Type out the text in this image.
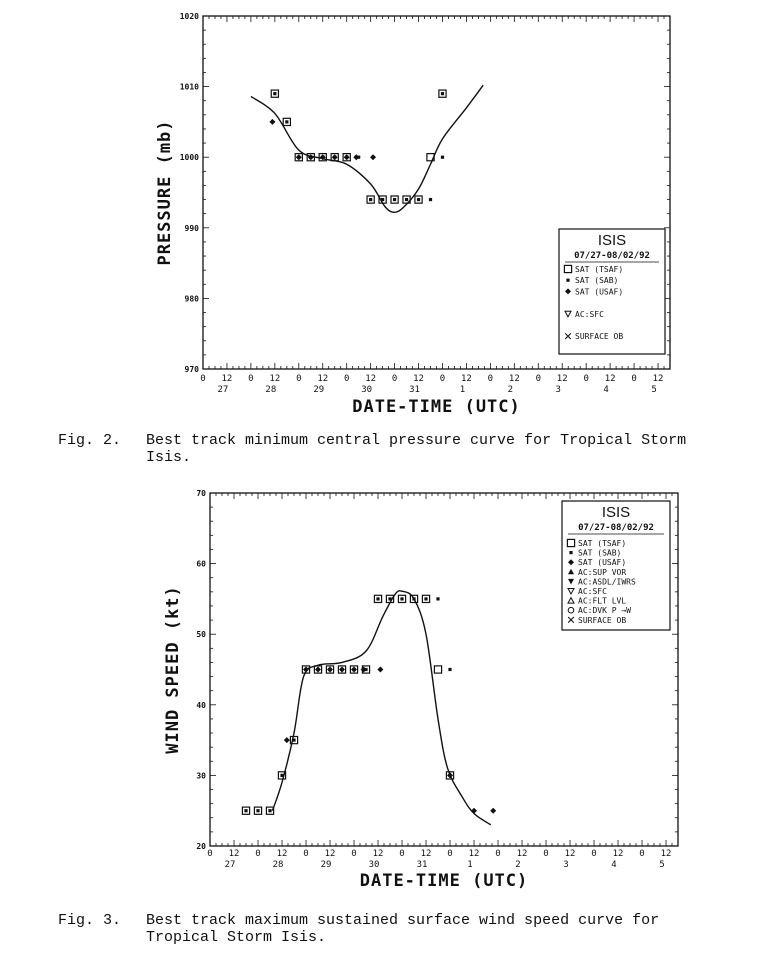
970
980
990
1000
1010
1020
0 12 0 12 0 12 0 12 0 12 0 12 0 12 0 12 0 12 0 12
27	28	29	30	31	1	2	3	4	5
DATE-TIME (UTC)
PRESSURE (mb)	ISIS
07/27-08/02/92
SAT (TSAF)
SAT (SAB)
SAT (USAF)
AC:SFC
SURFACE OB
20
30
40
50
60
70
0 12 0 12 0 12 0 12 0 12 0 12 0 12 0 12 0 12 0 12
27	28	29	30	31	1	2	3	4	5
DATE-TIME (UTC)
WIND SPEED (kt)
ISIS
07/27-08/02/92
SAT (TSAF)
SAT (SAB)
SAT (USAF)
AC:SUP VOR
AC:ASDL/IWRS
AC:SFC
AC:FLT LVL
AC:DVK P →W
SURFACE OB
Fig. 2. Best track minimum central pressure curve for Tropical Storm
Isis.
Fig. 3. Best track maximum sustained surface wind speed curve for
Tropical Storm Isis.
